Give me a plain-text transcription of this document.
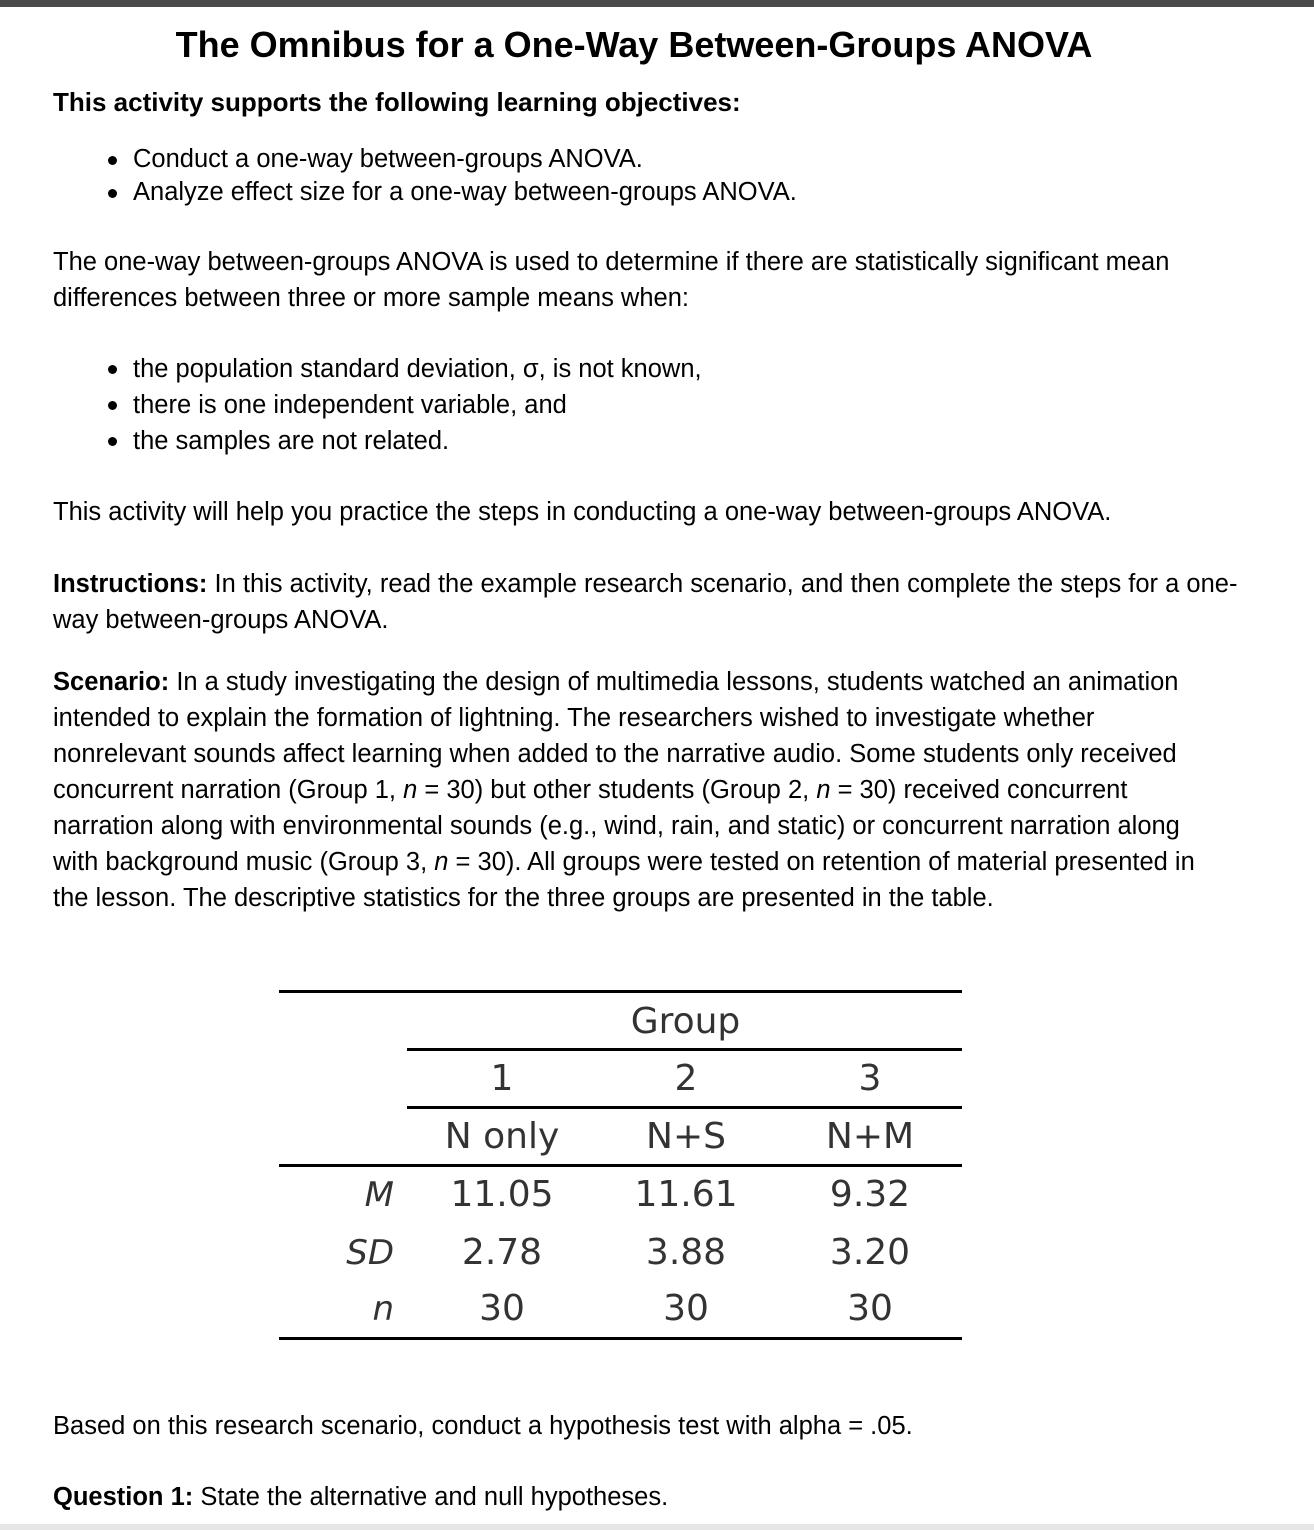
The Omnibus for a One-Way Between-Groups ANOVA

This activity supports the following learning objectives:

Conduct a one-way between-groups ANOVA.
Analyze effect size for a one-way between-groups ANOVA.

The one-way between-groups ANOVA is used to determine if there are statistically significant mean differences between three or more sample means when:

the population standard deviation, σ, is not known,
there is one independent variable, and
the samples are not related.

This activity will help you practice the steps in conducting a one-way between-groups ANOVA.

Instructions: In this activity, read the example research scenario, and then complete the steps for a one-way between-groups ANOVA.

Scenario: In a study investigating the design of multimedia lessons, students watched an animation intended to explain the formation of lightning. The researchers wished to investigate whether nonrelevant sounds affect learning when added to the narrative audio. Some students only received concurrent narration (Group 1, n = 30) but other students (Group 2, n = 30) received concurrent narration along with environmental sounds (e.g., wind, rain, and static) or concurrent narration along with background music (Group 3, n = 30). All groups were tested on retention of material presented in the lesson. The descriptive statistics for the three groups are presented in the table.

Group
1	2	3
N only	N+S	N+M
M	11.05	11.61	9.32
SD	2.78	3.88	3.20
n	30	30	30

Based on this research scenario, conduct a hypothesis test with alpha = .05.

Question 1: State the alternative and null hypotheses.
